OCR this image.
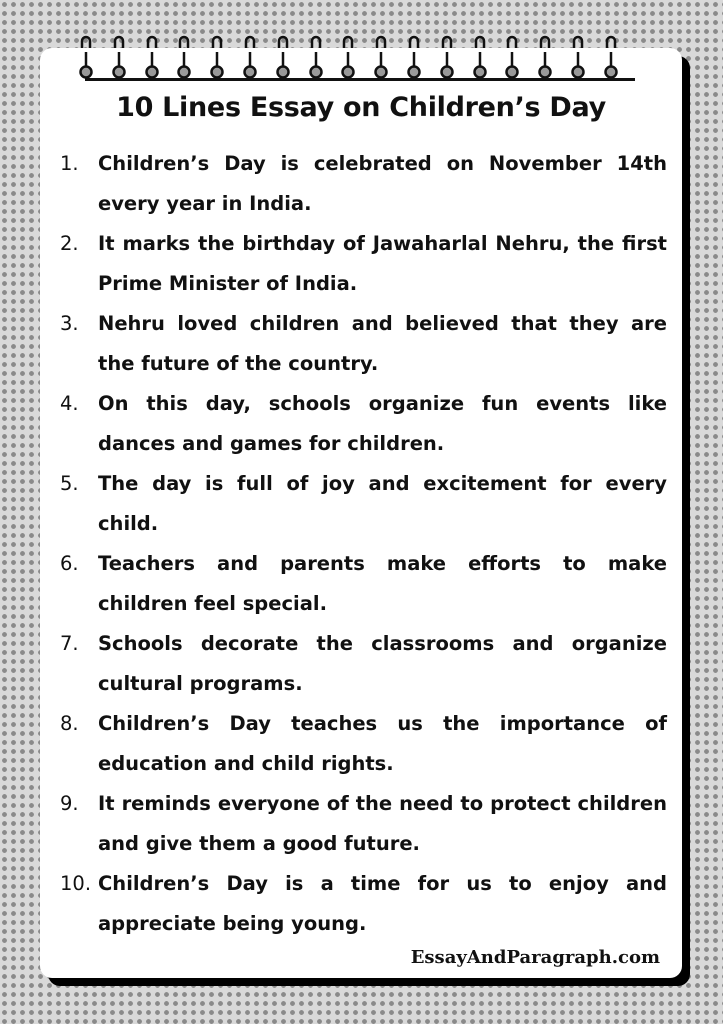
10 Lines Essay on Children’s Day
1. Children’s Day is celebrated on November 14th every year in India.
2. It marks the birthday of Jawaharlal Nehru, the first Prime Minister of India.
3. Nehru loved children and believed that they are the future of the country.
4. On this day, schools organize fun events like dances and games for children.
5. The day is full of joy and excitement for every child.
6. Teachers and parents make efforts to make children feel special.
7. Schools decorate the classrooms and organize cultural programs.
8. Children’s Day teaches us the importance of education and child rights.
9. It reminds everyone of the need to protect children and give them a good future.
10. Children’s Day is a time for us to enjoy and appreciate being young.
EssayAndParagraph.com
